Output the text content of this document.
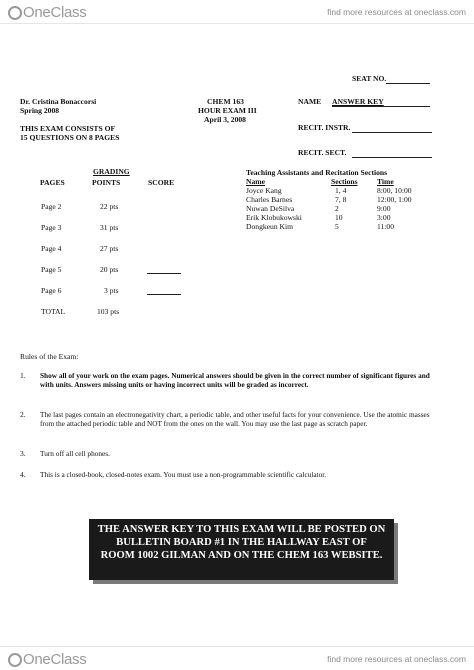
OneClass	find more resources at oneclass.com
SEAT NO.
Dr. Cristina Bonaccorsi
Spring 2008
CHEM 163
HOUR EXAM III
April 3, 2008
NAME ANSWER KEY
THIS EXAM CONSISTS OF
15 QUESTIONS ON 8 PAGES
RECIT. INSTR.
RECIT. SECT.
GRADING
PAGES	POINTS	SCORE
Page 2	22 pts
Page 3	31 pts
Page 4	27 pts
Page 5	20 pts
Page 6	3 pts
TOTAL	103 pts
Teaching Assistants and Recitation Sections
Name	Sections	Time
Joyce Kang	1, 4	8:00, 10:00
Charles Barnes	7, 8	12:00, 1:00
Nuwan DeSilva	2	9:00
Erik Klobukowski	10	3:00
Dongkeun Kim	5	11:00
Rules of the Exam:
1. Show all of your work on the exam pages. Numerical answers should be given in the correct number of significant figures and with units. Answers missing units or having incorrect units will be graded as incorrect.
2. The last pages contain an electronegativity chart, a periodic table, and other useful facts for your convenience. Use the atomic masses from the attached periodic table and NOT from the ones on the wall. You may use the last page as scratch paper.
3. Turn off all cell phones.
4. This is a closed-book, closed-notes exam. You must use a non-programmable scientific calculator.
THE ANSWER KEY TO THIS EXAM WILL BE POSTED ON
BULLETIN BOARD #1 IN THE HALLWAY EAST OF
ROOM 1002 GILMAN AND ON THE CHEM 163 WEBSITE.
OneClass	find more resources at oneclass.com
